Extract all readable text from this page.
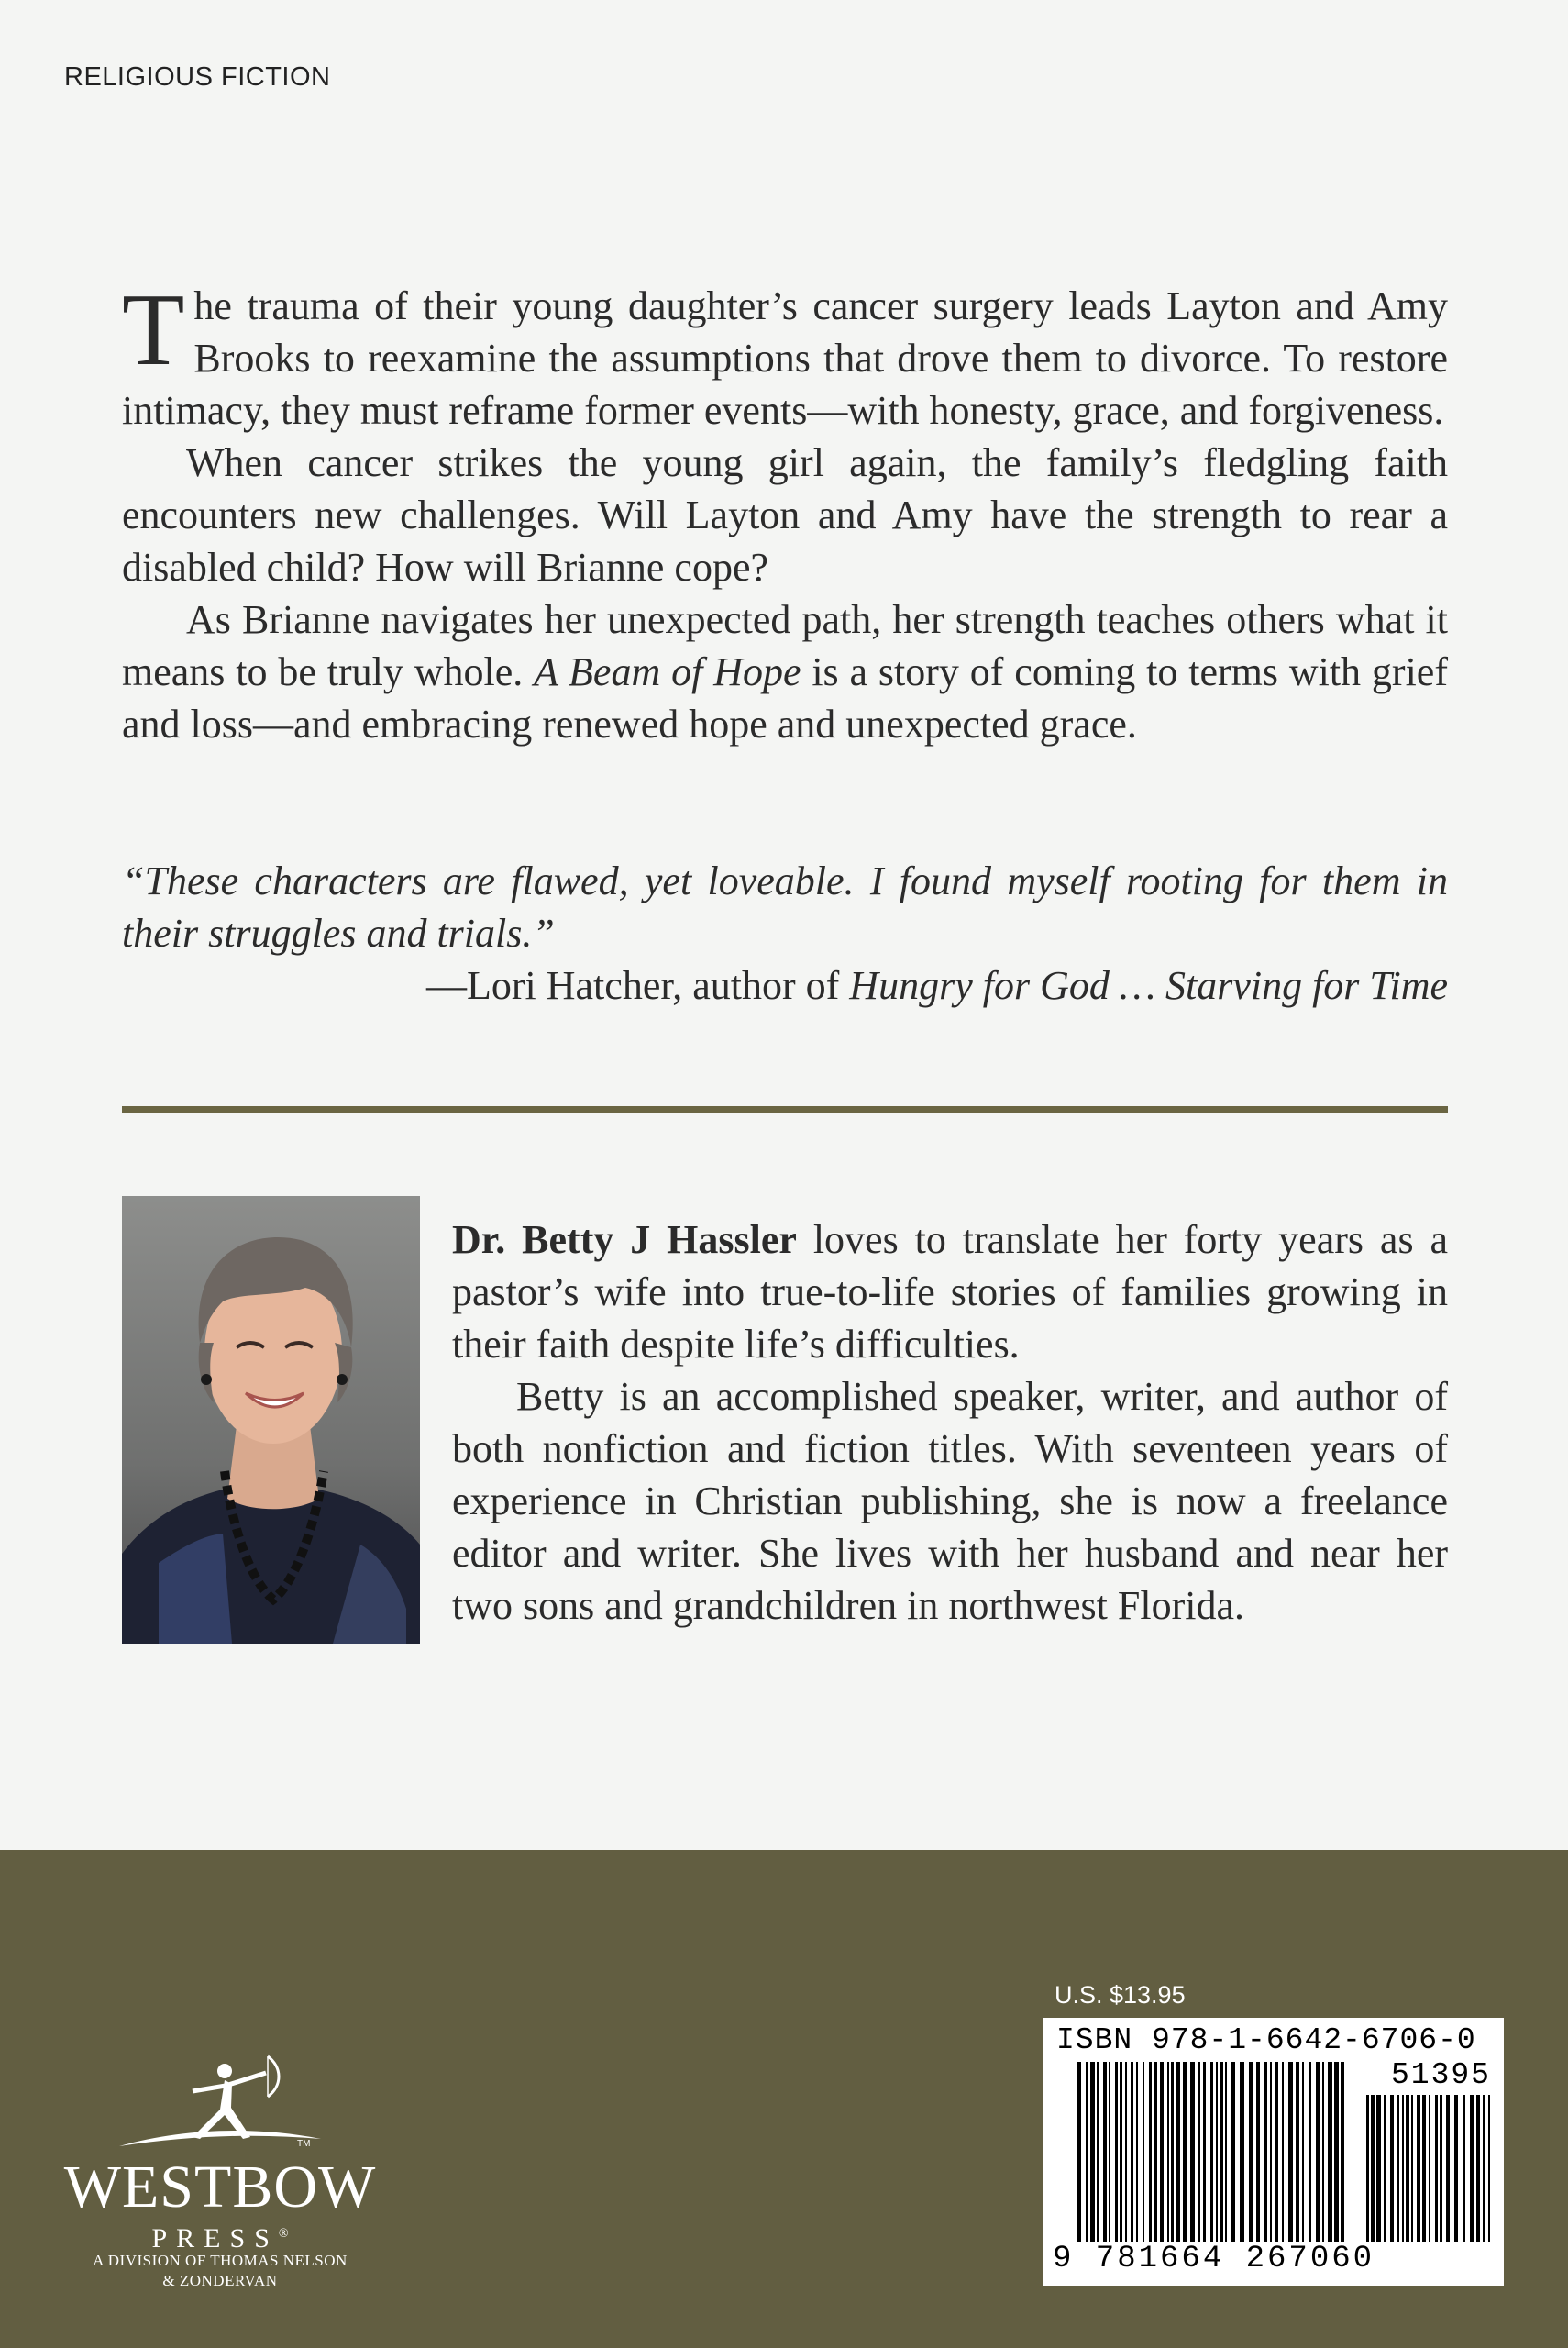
RELIGIOUS FICTION

The trauma of their young daughter’s cancer surgery leads Layton and Amy Brooks to reexamine the assumptions that drove them to divorce. To restore intimacy, they must reframe former events—with honesty, grace, and forgiveness.

When cancer strikes the young girl again, the family’s fledgling faith encounters new challenges. Will Layton and Amy have the strength to rear a disabled child? How will Brianne cope?

As Brianne navigates her unexpected path, her strength teaches others what it means to be truly whole. A Beam of Hope is a story of coming to terms with grief and loss—and embracing renewed hope and unexpected grace.

“These characters are flawed, yet loveable. I found myself rooting for them in their struggles and trials.”

—Lori Hatcher, author of Hungry for God … Starving for Time

Dr. Betty J Hassler loves to translate her forty years as a pastor’s wife into true-to-life stories of families growing in their faith despite life’s difficulties.

Betty is an accomplished speaker, writer, and author of both nonfiction and fiction titles. With seventeen years of experience in Christian publishing, she is now a freelance editor and writer. She lives with her husband and near her two sons and grandchildren in northwest Florida.

TM
WESTBOW
PRESS®
A DIVISION OF THOMAS NELSON
& ZONDERVAN
U.S. $13.95
ISBN 978-1-6642-6706-0
51395
9 781664 267060
